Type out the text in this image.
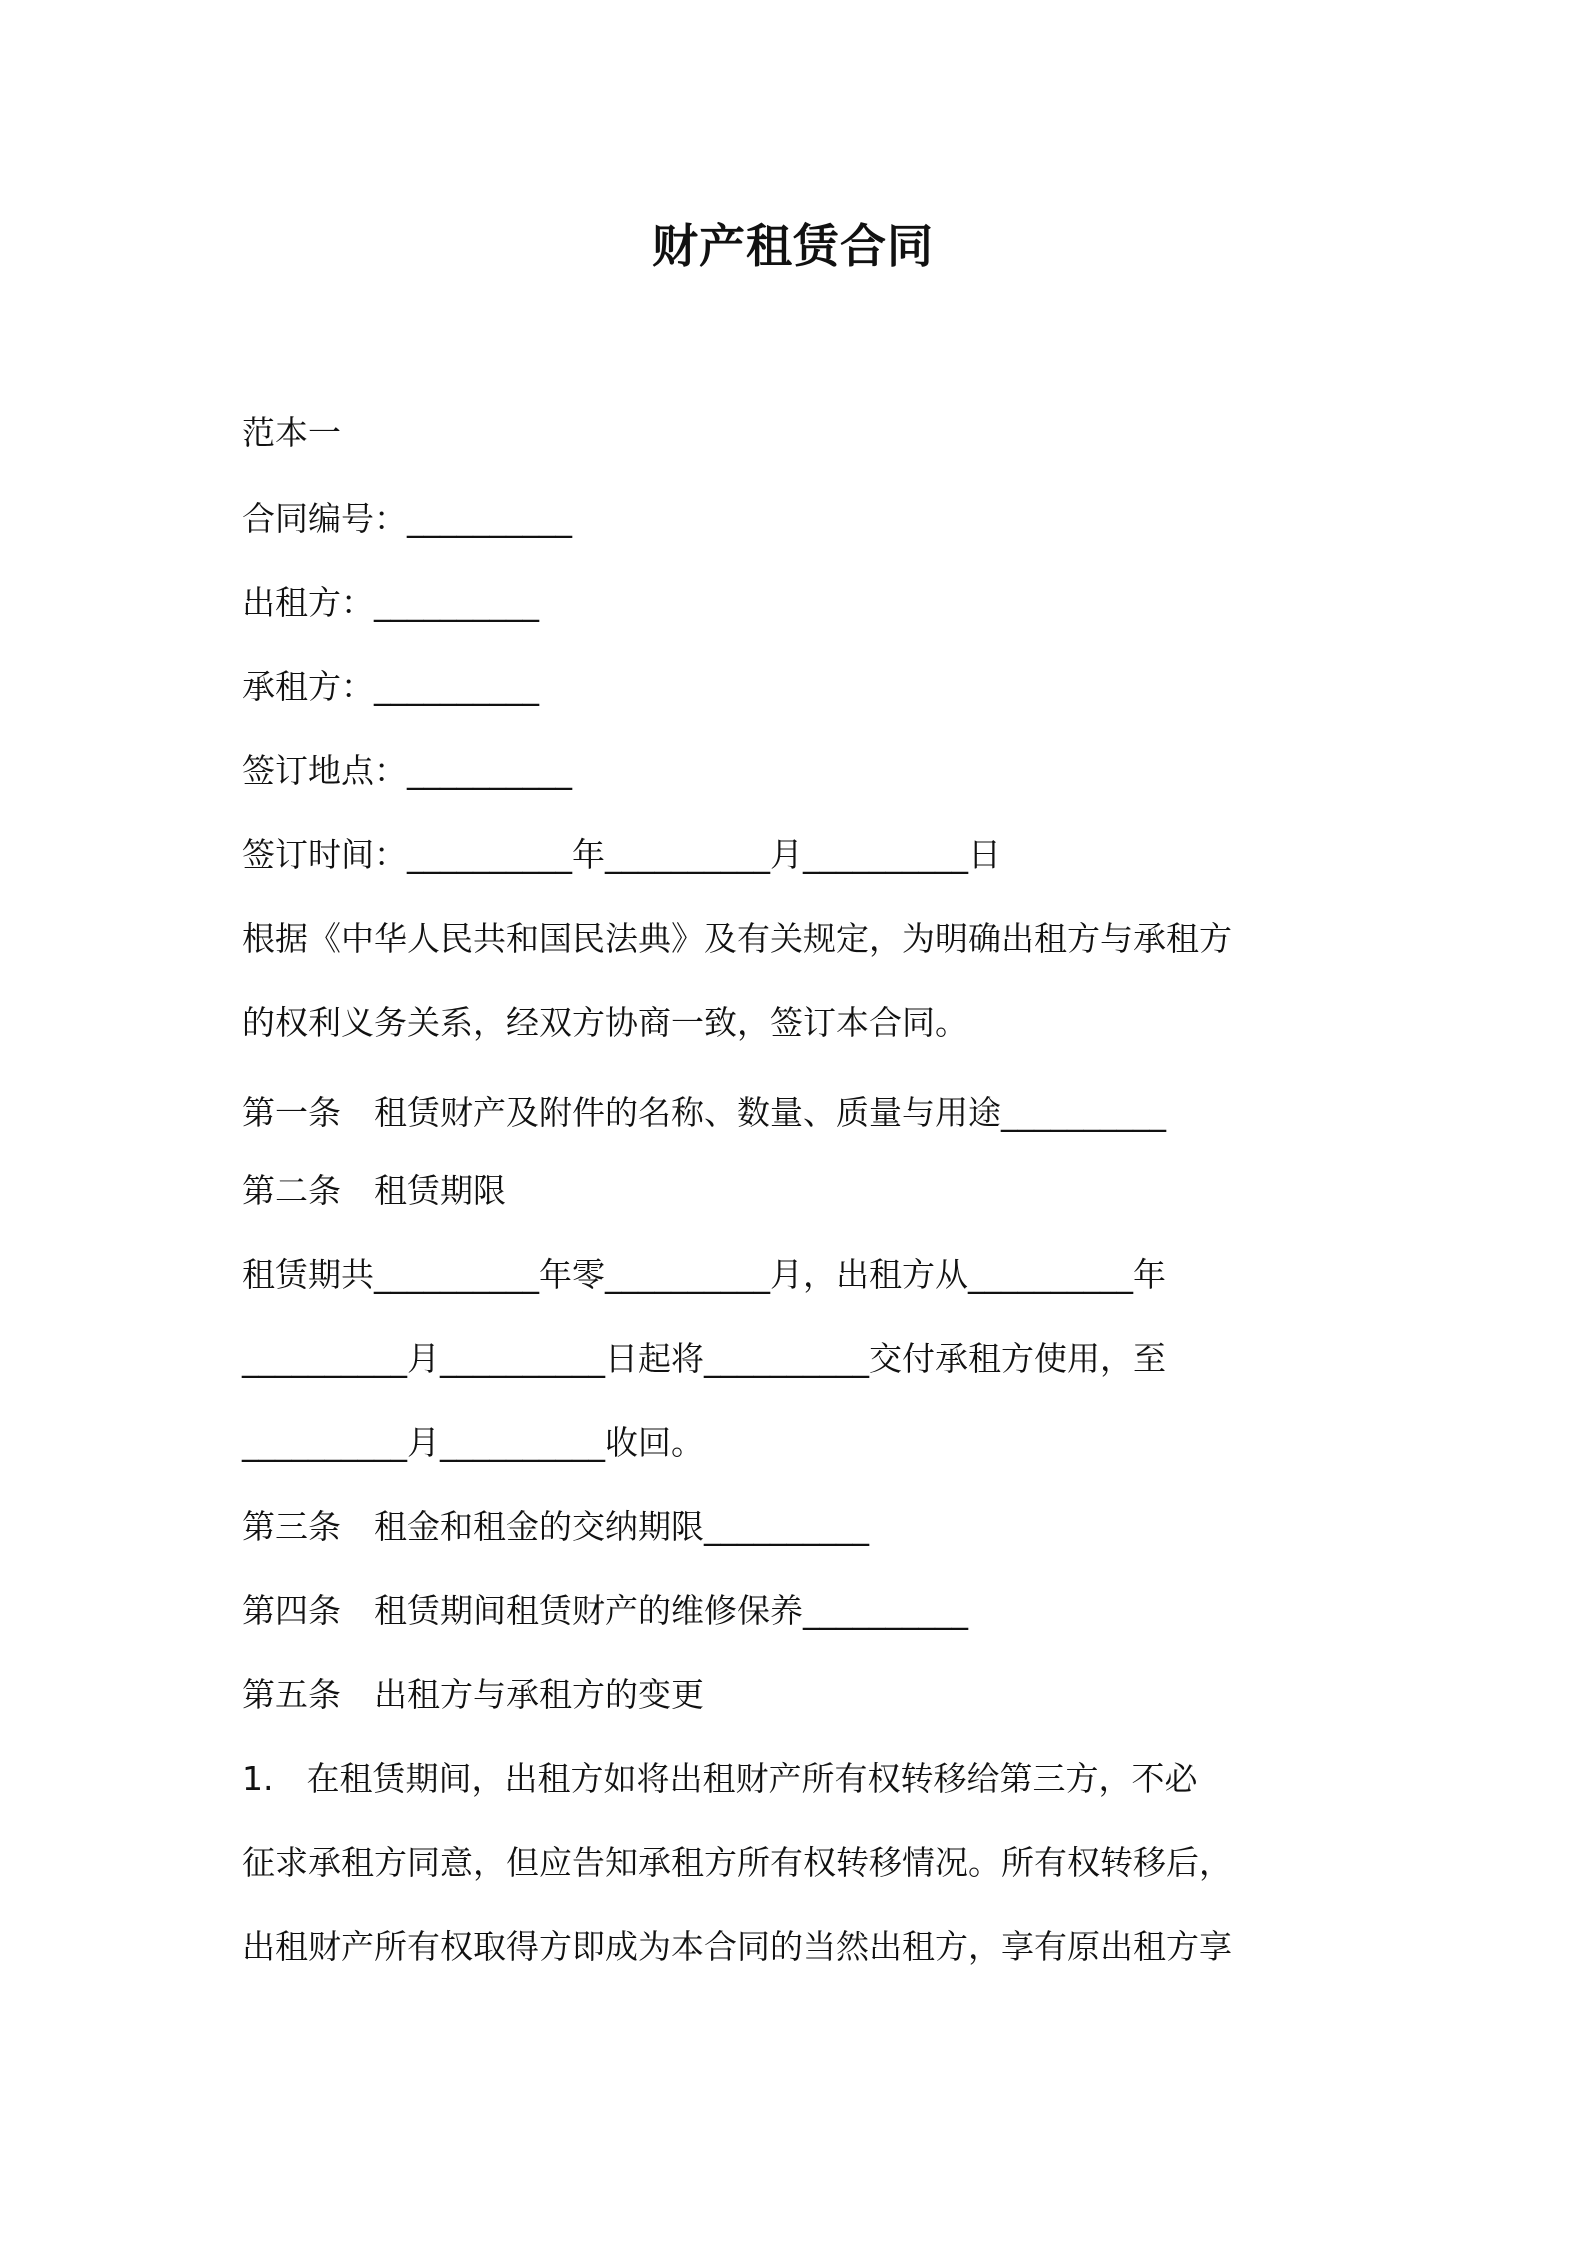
财产租赁合同
范本一
合同编号：__________
出租方：__________
承租方：__________
签订地点：__________
签订时间：__________年__________月__________日
根据《中华人民共和国民法典》及有关规定，为明确出租方与承租方
的权利义务关系，经双方协商一致，签订本合同。
第一条　租赁财产及附件的名称、数量、质量与用途__________
第二条　租赁期限
租赁期共__________年零__________月，出租方从__________年
__________月__________日起将__________交付承租方使用，至
__________月__________收回。
第三条　租金和租金的交纳期限__________
第四条　租赁期间租赁财产的维修保养__________
第五条　出租方与承租方的变更
1.　在租赁期间，出租方如将出租财产所有权转移给第三方，不必
征求承租方同意，但应告知承租方所有权转移情况。所有权转移后，
出租财产所有权取得方即成为本合同的当然出租方，享有原出租方享
